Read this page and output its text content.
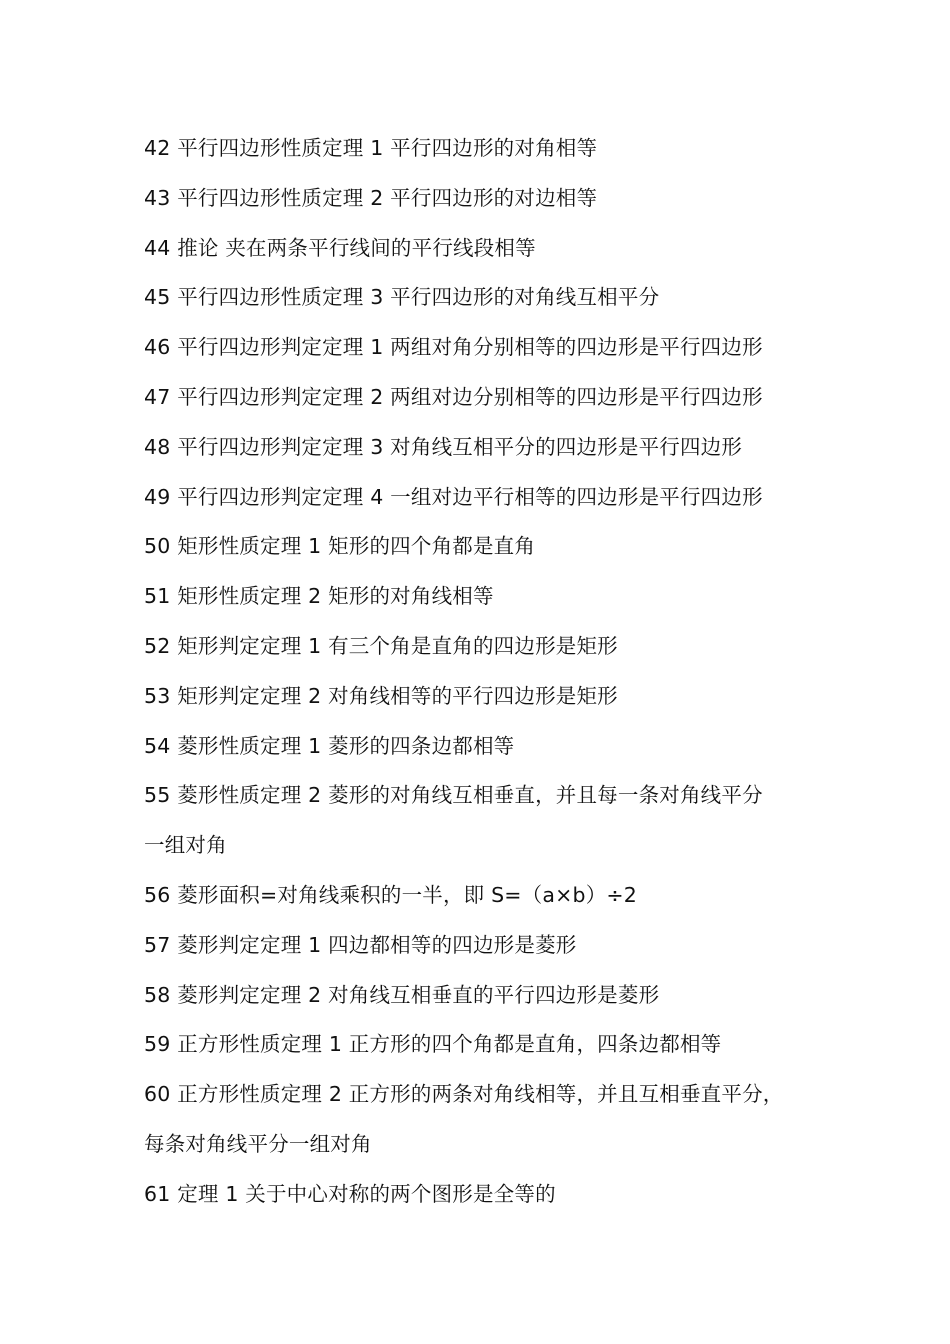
42 平行四边形性质定理 1 平行四边形的对角相等
43 平行四边形性质定理 2 平行四边形的对边相等
44 推论 夹在两条平行线间的平行线段相等
45 平行四边形性质定理 3 平行四边形的对角线互相平分
46 平行四边形判定定理 1 两组对角分别相等的四边形是平行四边形
47 平行四边形判定定理 2 两组对边分别相等的四边形是平行四边形
48 平行四边形判定定理 3 对角线互相平分的四边形是平行四边形
49 平行四边形判定定理 4 一组对边平行相等的四边形是平行四边形
50 矩形性质定理 1 矩形的四个角都是直角
51 矩形性质定理 2 矩形的对角线相等
52 矩形判定定理 1 有三个角是直角的四边形是矩形
53 矩形判定定理 2 对角线相等的平行四边形是矩形
54 菱形性质定理 1 菱形的四条边都相等
55 菱形性质定理 2 菱形的对角线互相垂直，并且每一条对角线平分
一组对角
56 菱形面积=对角线乘积的一半，即 S=（a×b）÷2
57 菱形判定定理 1 四边都相等的四边形是菱形
58 菱形判定定理 2 对角线互相垂直的平行四边形是菱形
59 正方形性质定理 1 正方形的四个角都是直角，四条边都相等
60 正方形性质定理 2 正方形的两条对角线相等，并且互相垂直平分，
每条对角线平分一组对角
61 定理 1 关于中心对称的两个图形是全等的
